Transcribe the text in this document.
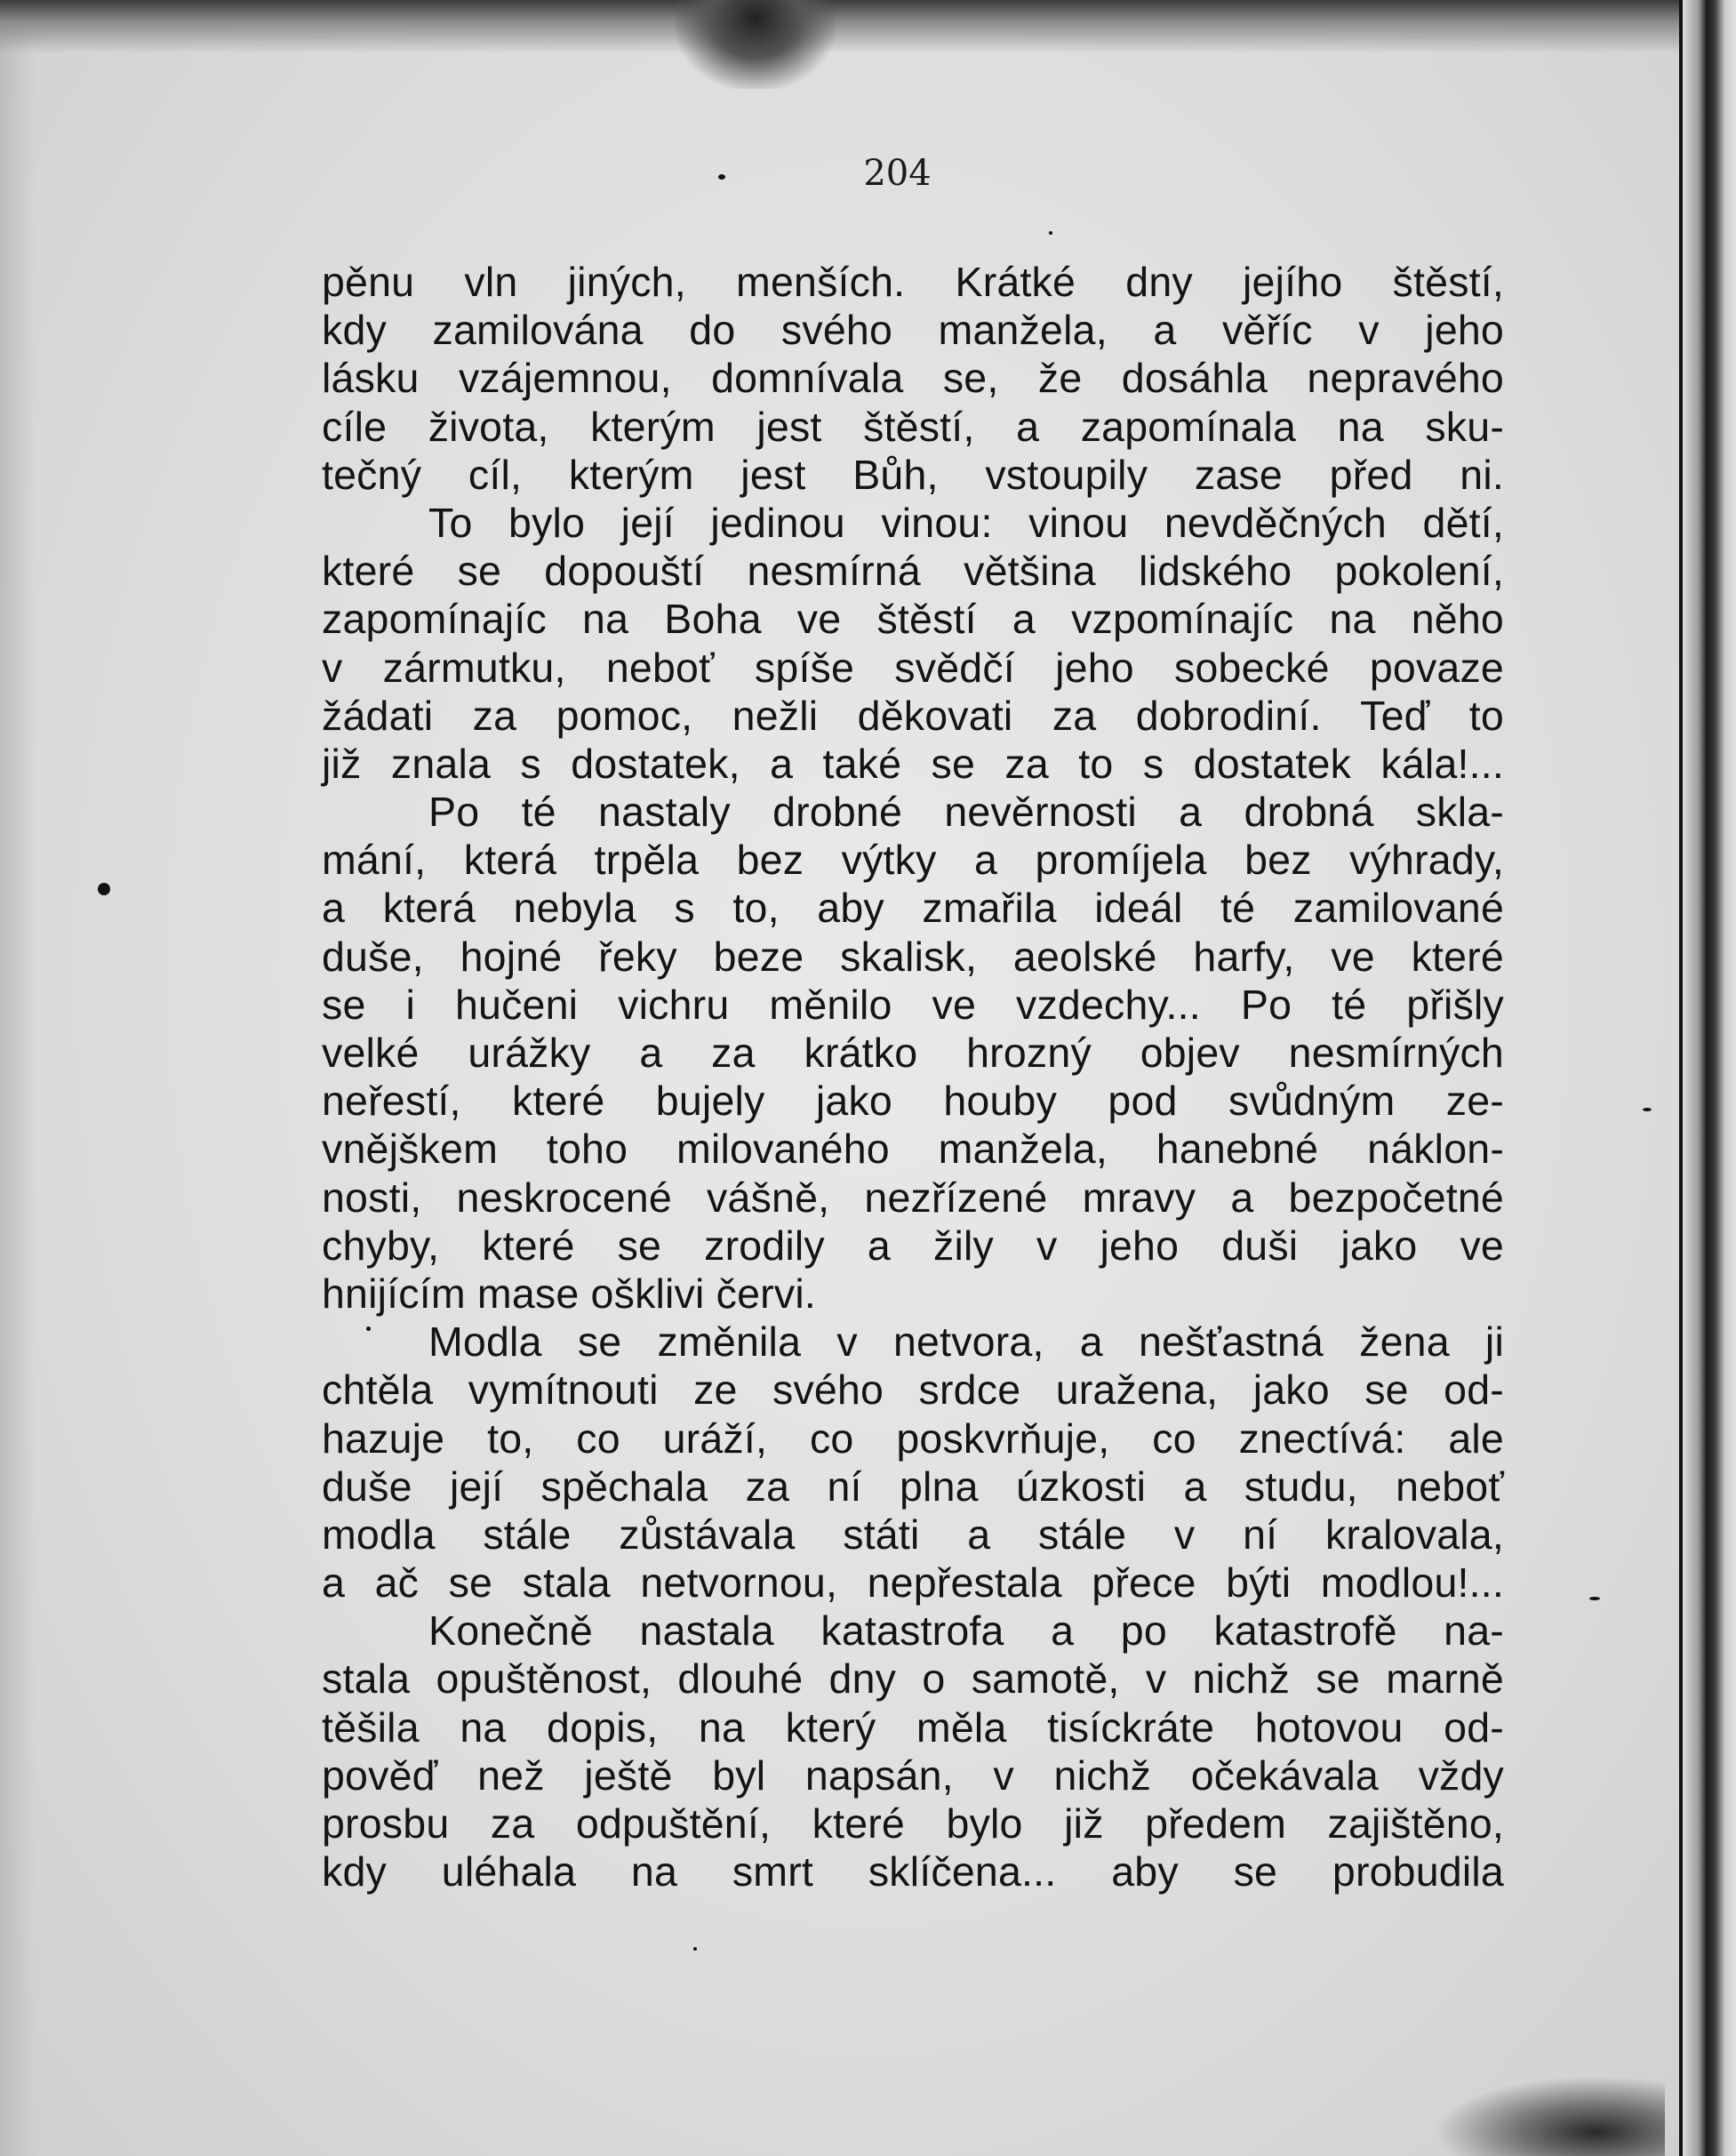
204
pěnu vln jiných, menších. Krátké dny jejího štěstí,
kdy zamilována do svého manžela, a věříc v jeho
lásku vzájemnou, domnívala se, že dosáhla nepravého
cíle života, kterým jest štěstí, a zapomínala na sku-
tečný cíl, kterým jest Bůh, vstoupily zase před ni.
To bylo její jedinou vinou: vinou nevděčných dětí,
které se dopouští nesmírná většina lidského pokolení,
zapomínajíc na Boha ve štěstí a vzpomínajíc na něho
v zármutku, neboť spíše svědčí jeho sobecké povaze
žádati za pomoc, nežli děkovati za dobrodiní. Teď to
již znala s dostatek, a také se za to s dostatek kála!...
Po té nastaly drobné nevěrnosti a drobná skla-
mání, která trpěla bez výtky a promíjela bez výhrady,
a která nebyla s to, aby zmařila ideál té zamilované
duše, hojné řeky beze skalisk, aeolské harfy, ve které
se i hučeni vichru měnilo ve vzdechy... Po té přišly
velké urážky a za krátko hrozný objev nesmírných
neřestí, které bujely jako houby pod svůdným ze-
vnějškem toho milovaného manžela, hanebné náklon-
nosti, neskrocené vášně, nezřízené mravy a bezpočetné
chyby, které se zrodily a žily v jeho duši jako ve
hnijícím mase ošklivi červi.
Modla se změnila v netvora, a nešťastná žena ji
chtěla vymítnouti ze svého srdce uražena, jako se od-
hazuje to, co uráží, co poskvrňuje, co znectívá: ale
duše její spěchala za ní plna úzkosti a studu, neboť
modla stále zůstávala státi a stále v ní kralovala,
a ač se stala netvornou, nepřestala přece býti modlou!...
Konečně nastala katastrofa a po katastrofě na-
stala opuštěnost, dlouhé dny o samotě, v nichž se marně
těšila na dopis, na který měla tisíckráte hotovou od-
pověď než ještě byl napsán, v nichž očekávala vždy
prosbu za odpuštění, které bylo již předem zajištěno,
kdy uléhala na smrt sklíčena... aby se probudila
